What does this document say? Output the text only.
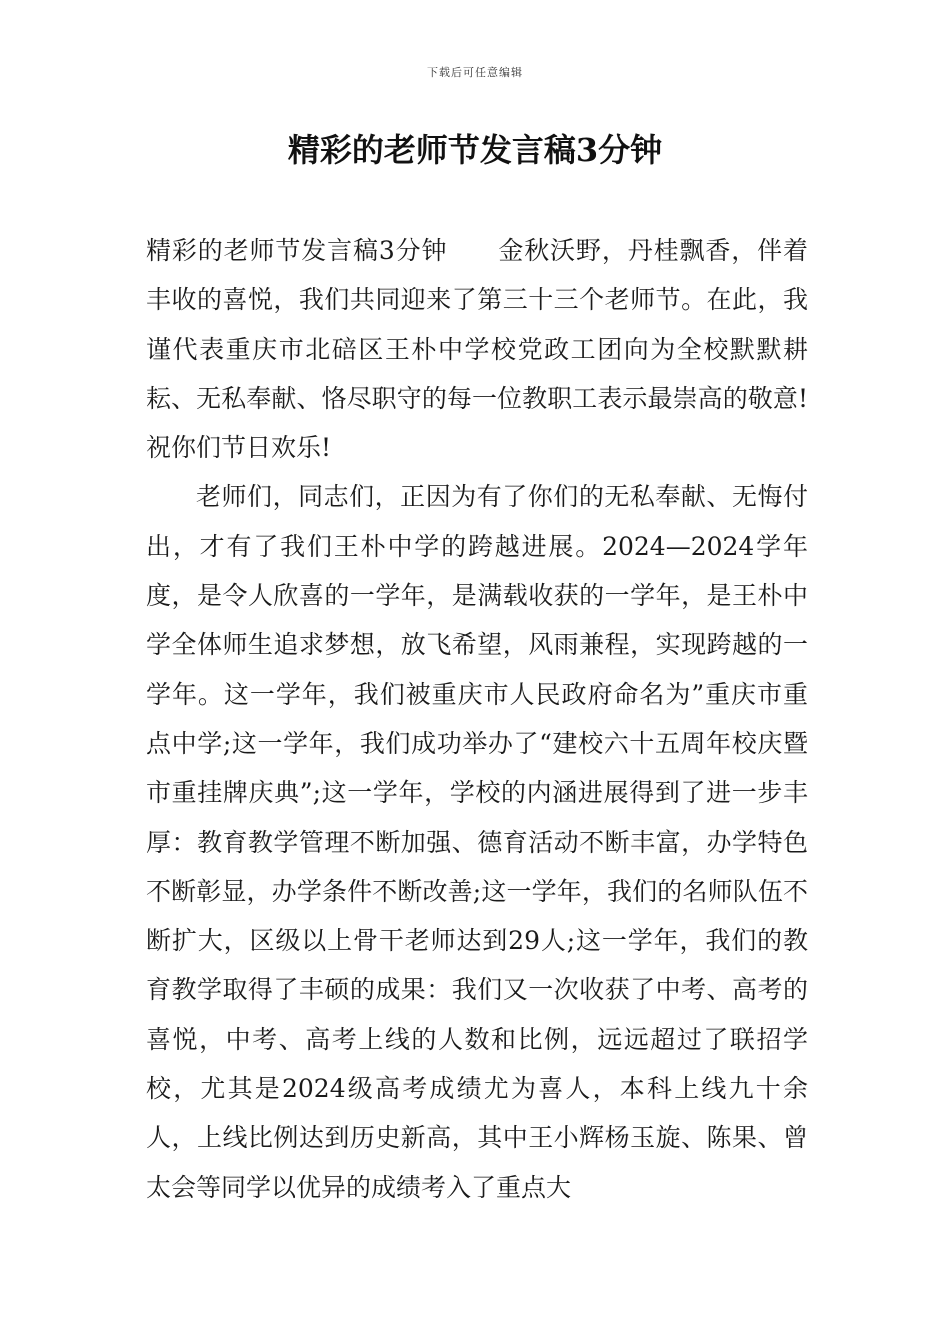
下载后可任意编辑
精彩的老师节发言稿3分钟

精彩的老师节发言稿3分钟 金秋沃野，丹桂飘香，伴着丰收的喜悦，我们共同迎来了第三十三个老师节。在此，我谨代表重庆市北碚区王朴中学校党政工团向为全校默默耕耘、无私奉献、恪尽职守的每一位教职工表示最崇高的敬意!祝你们节日欢乐!

老师们，同志们，正因为有了你们的无私奉献、无悔付出，才有了我们王朴中学的跨越进展。2024—2024学年度，是令人欣喜的一学年，是满载收获的一学年，是王朴中学全体师生追求梦想，放飞希望，风雨兼程，实现跨越的一学年。这一学年，我们被重庆市人民政府命名为”重庆市重点中学;这一学年，我们成功举办了“建校六十五周年校庆暨市重挂牌庆典”;这一学年，学校的内涵进展得到了进一步丰厚：教育教学管理不断加强、德育活动不断丰富，办学特色不断彰显，办学条件不断改善;这一学年，我们的名师队伍不断扩大，区级以上骨干老师达到29人;这一学年，我们的教育教学取得了丰硕的成果：我们又一次收获了中考、高考的喜悦，中考、高考上线的人数和比例，远远超过了联招学校，尤其是2024级高考成绩尤为喜人，本科上线九十余人，上线比例达到历史新高，其中王小辉杨玉旋、陈果、曾太会等同学以优异的成绩考入了重点大
